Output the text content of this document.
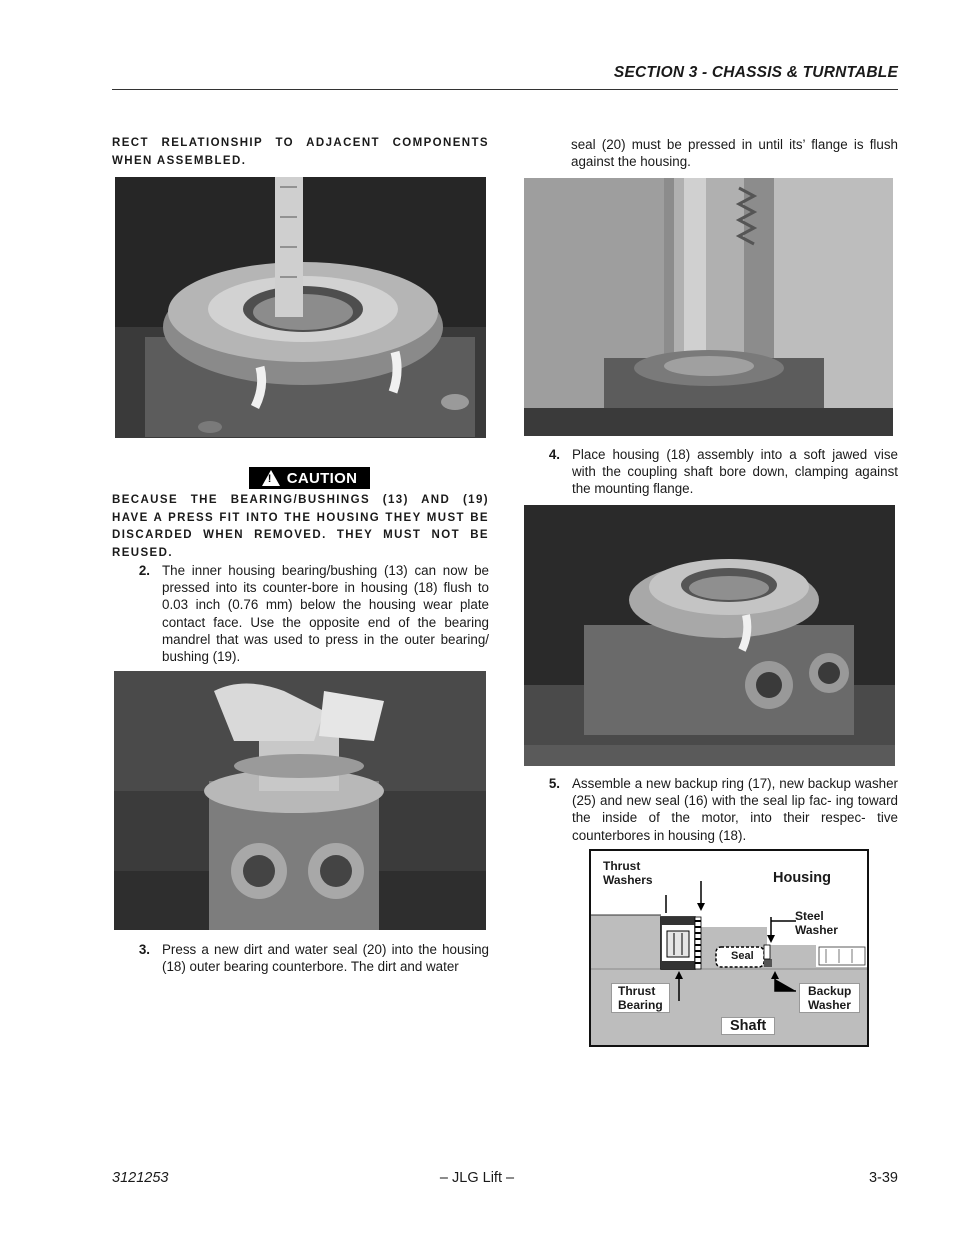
SECTION 3 - CHASSIS & TURNTABLE
RECT RELATIONSHIP TO ADJACENT COMPONENTS WHEN ASSEMBLED.
! CAUTION
BECAUSE THE BEARING/BUSHINGS (13) AND (19) HAVE A PRESS FIT INTO THE HOUSING THEY MUST BE DISCARDED WHEN REMOVED. THEY MUST NOT BE REUSED.
2. The inner housing bearing/bushing (13) can now be pressed into its counter-bore in housing (18) flush to 0.03 inch (0.76 mm) below the housing wear plate contact face. Use the opposite end of the bearing mandrel that was used to press in the outer bearing/ bushing (19).
3. Press a new dirt and water seal (20) into the housing (18) outer bearing counterbore. The dirt and water
seal (20) must be pressed in until its’ flange is flush against the housing.
4. Place housing (18) assembly into a soft jawed vise with the coupling shaft bore down, clamping against the mounting flange.
5. Assemble a new backup ring (17), new backup washer (25) and new seal (16) with the seal lip fac- ing toward the inside of the motor, into their respec- tive counterbores in housing (18).
Thrust
Washers	Housing
Steel
Washer
Seal
Thrust
Bearing
Backup
Washer
Shaft
3121253	– JLG Lift –	3-39
